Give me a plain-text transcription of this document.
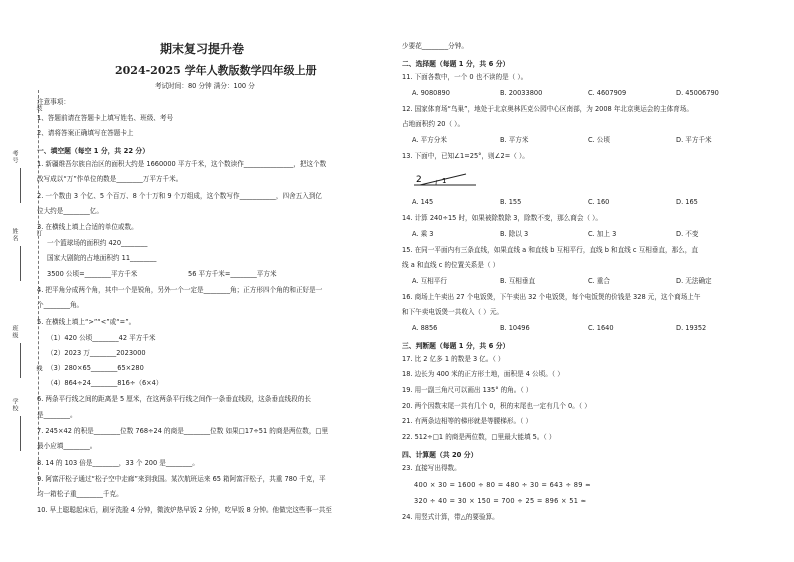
考号
姓名
班级
学校
装
订
线
期末复习提升卷
2024-2025 学年人教版数学四年级上册
考试时间：80 分钟 满分：100 分
注意事项：
1、答题前请在答题卡上填写姓名、班级、考号
2、请将答案正确填写在答题卡上
一、填空题（每空 1 分，共 22 分）
1. 新疆维吾尔族自治区的面积大约是 1660000 平方千米，这个数读作_______________，把这个数
改写成以“万”作单位的数是________万平方千米。
2. 一个数由 3 个亿、5 个百万、8 个十万和 9 个万组成，这个数写作___________，四舍五入到亿
位大约是________亿。
3. 在横线上填上合适的单位或数。
一个篮球场的面积约 420________
国家大剧院的占地面积约 11________
3500 公顷=________平方千米	56 平方千米=________平方米
4. 把平角分成两个角，其中一个是锐角，另外一个一定是________角；正方形四个角的和正好是一
个________角。
5. 在横线上填上“>”“<”或“=”。
（1）420 公顷________42 平方千米
（2）2023 万________2023000
（3）280×65________65×280
（4）864÷24________816÷（6×4）
6. 两条平行线之间的距离是 5 厘米，在这两条平行线之间作一条垂直线段，这条垂直线段的长
是________。
7. 245×42 的积是________位数 768÷24 的商是________位数 如果□17÷51 的商是两位数，□里
最小应填________。
8. 14 的 103 倍是________，33 个 200 是________。
9. 阿富汗松子通过“松子空中走廊”来到我国。某次航班运来 65 箱阿富汗松子，共重 780 千克，平
均一箱松子重________千克。
10. 早上聪聪起床后，刷牙洗脸 4 分钟，微波炉热早饭 2 分钟，吃早饭 8 分钟。他做完这些事一共至
少要花________分钟。
二、选择题（每题 1 分，共 6 分）
11. 下面各数中，一个 0 也不读的是（ ）。
A. 9080890	B. 20033800	C. 4607909	D. 45006790
12. 国家体育场“鸟巢”，地处于北京奥林匹克公园中心区南部，为 2008 年北京奥运会的主体育场。
占地面积约 20（ ）。
A. 平方分米	B. 平方米	C. 公顷	D. 平方千米
13. 下面中，已知∠1=25°，则∠2=（ ）。
2	1
A. 145	B. 155	C. 160	D. 165
14. 计算 240÷15 时，如果被除数除 3，除数不变，那么商会（ ）。
A. 乘 3	B. 除以 3	C. 加上 3	D. 不变
15. 在同一平面内有三条直线，如果直线 a 和直线 b 互相平行，直线 b 和直线 c 互相垂直，那么，直
线 a 和直线 c 的位置关系是（ ）
A. 互相平行	B. 互相垂直	C. 重合	D. 无法确定
16. 商场上午卖出 27 个电饭煲，下午卖出 32 个电饭煲，每个电饭煲的价钱是 328 元，这个商场上午
和下午卖电饭煲一共收入（ ）元。
A. 8856	B. 10496	C. 1640	D. 19352
三、判断题（每题 1 分，共 6 分）
17. 比 2 亿多 1 的数是 3 亿。（ ）
18. 边长为 400 米的正方形土地，面积是 4 公顷。（ ）
19. 用一副三角尺可以画出 135° 的角。（ ）
20. 两个因数末尾一共有几个 0，积的末尾也一定有几个 0。（ ）
21. 有两条边相等的梯形就是等腰梯形。（ ）
22. 512÷□1 的商是两位数，□里最大能填 5。（ ）
四、计算题（共 20 分）
23. 直接写出得数。
400 × 30 = 1600 ÷ 80 = 480 ÷ 30 = 643 ÷ 89 ≈
320 ÷ 40 = 30 × 150 = 700 ÷ 25 = 896 × 51 ≈
24. 用竖式计算，带△的要验算。
